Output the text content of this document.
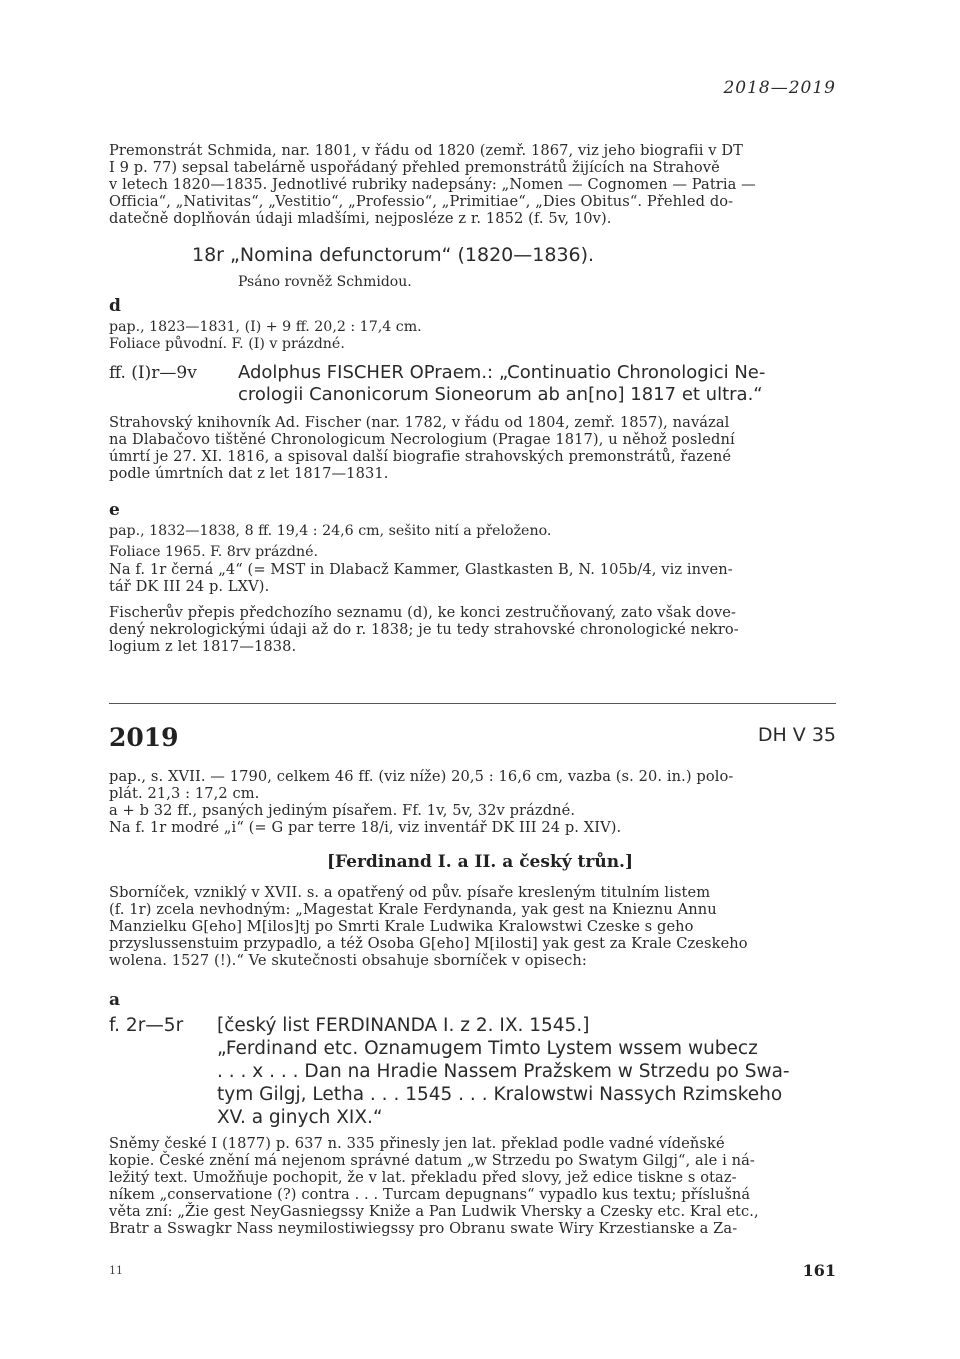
2018—2019
Premonstrát Schmida, nar. 1801, v řádu od 1820 (zemř. 1867, viz jeho biografii v DT
I 9 p. 77) sepsal tabelárně uspořádaný přehled premonstrátů žijících na Strahově
v letech 1820—1835. Jednotlivé rubriky nadepsány: „Nomen — Cognomen — Patria —
Officia“, „Nativitas“, „Vestitio“, „Professio“, „Primitiae“, „Dies Obitus“. Přehled do-
datečně doplňován údaji mladšími, nejposléze z r. 1852 (f. 5v, 10v).
18r „Nomina defunctorum“ (1820—1836).
Psáno rovněž Schmidou.
d
pap., 1823—1831, (I) + 9 ff. 20,2 : 17,4 cm.
Foliace původní. F. (I) v prázdné.
ff. (I)r—9v Adolphus FISCHER OPraem.: „Continuatio Chronologici Ne-
crologii Canonicorum Sioneorum ab an[no] 1817 et ultra.“
Strahovský knihovník Ad. Fischer (nar. 1782, v řádu od 1804, zemř. 1857), navázal
na Dlabačovo tištěné Chronologicum Necrologium (Pragae 1817), u něhož poslední
úmrtí je 27. XI. 1816, a spisoval další biografie strahovských premonstrátů, řazené
podle úmrtních dat z let 1817—1831.
e
pap., 1832—1838, 8 ff. 19,4 : 24,6 cm, sešito nití a přeloženo.
Foliace 1965. F. 8rv prázdné.
Na f. 1r černá „4“ (= MST in Dlabacž Kammer, Glastkasten B, N. 105b/4, viz inven-
tář DK III 24 p. LXV).
Fischerův přepis předchozího seznamu (d), ke konci zestručňovaný, zato však dove-
dený nekrologickými údaji až do r. 1838; je tu tedy strahovské chronologické nekro-
logium z let 1817—1838.
2019	DH V 35
pap., s. XVII. — 1790, celkem 46 ff. (viz níže) 20,5 : 16,6 cm, vazba (s. 20. in.) polo-
plát. 21,3 : 17,2 cm.
a + b 32 ff., psaných jediným písařem. Ff. 1v, 5v, 32v prázdné.
Na f. 1r modré „i“ (= G par terre 18/i, viz inventář DK III 24 p. XIV).
[Ferdinand I. a II. a český trůn.]
Sborníček, vzniklý v XVII. s. a opatřený od pův. písaře kresleným titulním listem
(f. 1r) zcela nevhodným: „Magestat Krale Ferdynanda, yak gest na Knieznu Annu
Manzielku G[eho] M[ilos]tj po Smrti Krale Ludwika Kralowstwi Czeske s geho
przyslussenstuim przypadlo, a též Osoba G[eho] M[ilosti] yak gest za Krale Czeskeho
wolena. 1527 (!).“ Ve skutečnosti obsahuje sborníček v opisech:
a
f. 2r—5r [český list FERDINANDA I. z 2. IX. 1545.]
„Ferdinand etc. Oznamugem Timto Lystem wssem wubecz
. . . x . . . Dan na Hradie Nassem Pražskem w Strzedu po Swa-
tym Gilgj, Letha . . . 1545 . . . Kralowstwi Nassych Rzimskeho
XV. a ginych XIX.“
Sněmy české I (1877) p. 637 n. 335 přinesly jen lat. překlad podle vadné vídeňské
kopie. České znění má nejenom správné datum „w Strzedu po Swatym Gilgj“, ale i ná-
ležitý text. Umožňuje pochopit, že v lat. překladu před slovy, jež edice tiskne s otaz-
níkem „conservatione (?) contra . . . Turcam depugnans“ vypadlo kus textu; příslušná
věta zní: „Žie gest NeyGasniegssy Kniže a Pan Ludwik Vhersky a Czesky etc. Kral etc.,
Bratr a Sswagkr Nass neymilostiwiegssy pro Obranu swate Wiry Krzestianske a Za-
11	161
